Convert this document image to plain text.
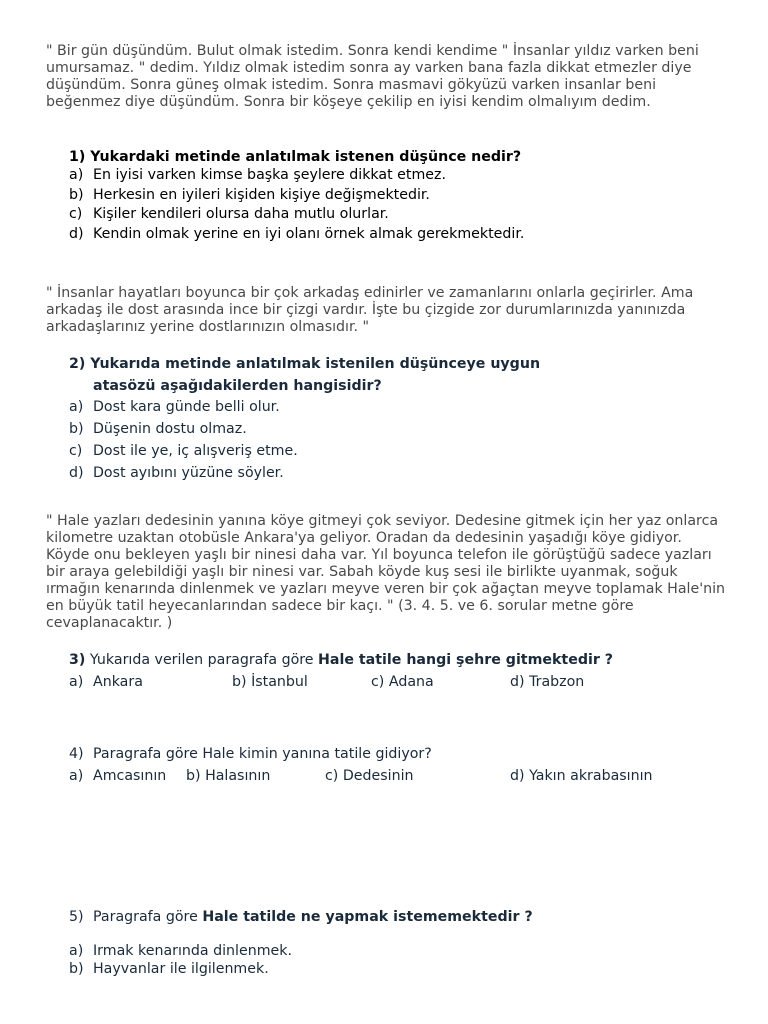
" Bir gün düşündüm. Bulut olmak istedim. Sonra kendi kendime " İnsanlar yıldız varken beni umursamaz. " dedim. Yıldız olmak istedim sonra ay varken bana fazla dikkat etmezler diye düşündüm. Sonra güneş olmak istedim. Sonra masmavi gökyüzü varken insanlar beni beğenmez diye düşündüm. Sonra bir köşeye çekilip en iyisi kendim olmalıyım dedim.

1) Yukardaki metinde anlatılmak istenen düşünce nedir?
a) En iyisi varken kimse başka şeylere dikkat etmez.
b) Herkesin en iyileri kişiden kişiye değişmektedir.
c) Kişiler kendileri olursa daha mutlu olurlar.
d) Kendin olmak yerine en iyi olanı örnek almak gerekmektedir.

" İnsanlar hayatları boyunca bir çok arkadaş edinirler ve zamanlarını onlarla geçirirler. Ama arkadaş ile dost arasında ince bir çizgi vardır. İşte bu çizgide zor durumlarınızda yanınızda arkadaşlarınız yerine dostlarınızın olmasıdır. "

2) Yukarıda metinde anlatılmak istenilen düşünceye uygun
atasözü aşağıdakilerden hangisidir?
a) Dost kara günde belli olur.
b) Düşenin dostu olmaz.
c) Dost ile ye, iç alışveriş etme.
d) Dost ayıbını yüzüne söyler.

" Hale yazları dedesinin yanına köye gitmeyi çok seviyor. Dedesine gitmek için her yaz onlarca kilometre uzaktan otobüsle Ankara'ya geliyor. Oradan da dedesinin yaşadığı köye gidiyor. Köyde onu bekleyen yaşlı bir ninesi daha var. Yıl boyunca telefon ile görüştüğü sadece yazları bir araya gelebildiği yaşlı bir ninesi var. Sabah köyde kuş sesi ile birlikte uyanmak, soğuk ırmağın kenarında dinlenmek ve yazları meyve veren bir çok ağaçtan meyve toplamak Hale'nin en büyük tatil heyecanlarından sadece bir kaçı. " (3. 4. 5. ve 6. sorular metne göre cevaplanacaktır. )

3) Yukarıda verilen paragrafa göre Hale tatile hangi şehre gitmektedir ?
a) Ankara	b) İstanbul	c) Adana	d) Trabzon
4) Paragrafa göre Hale kimin yanına tatile gidiyor?
a) Amcasının b) Halasının	c) Dedesinin	d) Yakın akrabasının
5) Paragrafa göre Hale tatilde ne yapmak istememektedir ?
a) Irmak kenarında dinlenmek.
b) Hayvanlar ile ilgilenmek.
